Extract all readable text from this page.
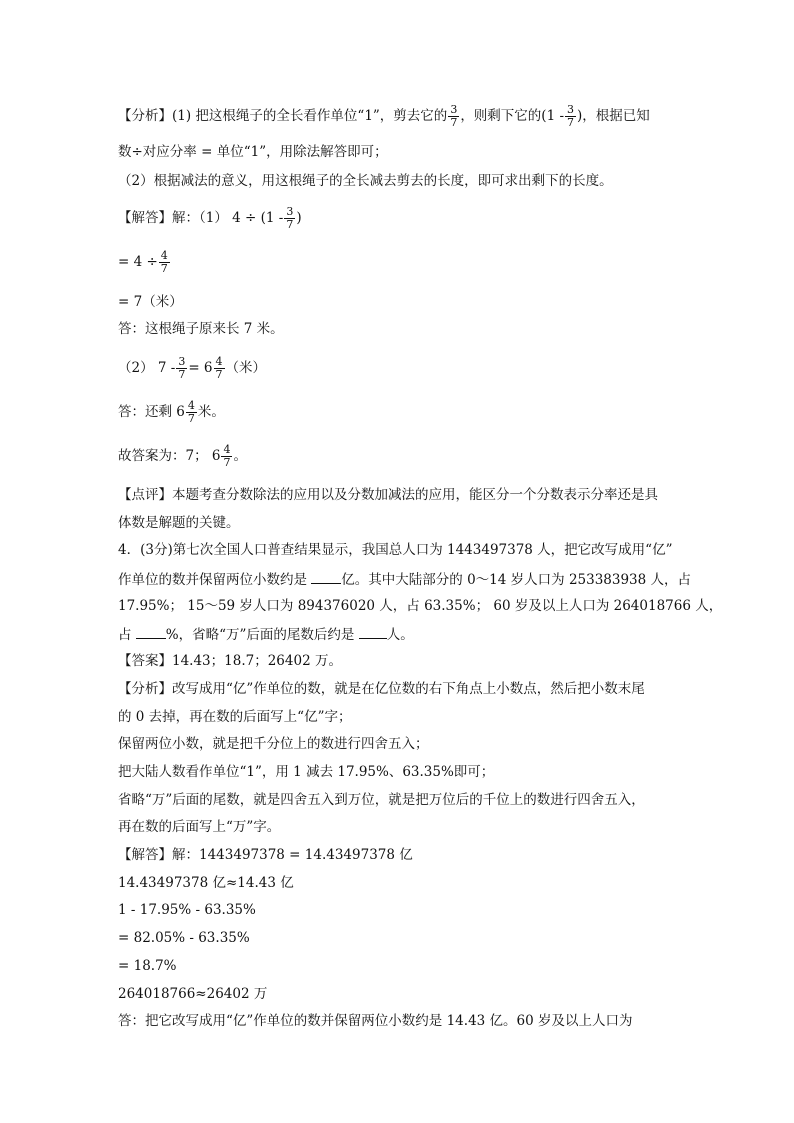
【分析】(1) 把这根绳子的全长看作单位“1”，剪去它的 $\frac{3}{7}$ ，则剩下它的($1 - \frac{3}{7}$ )，根据已知
数÷对应分率 = 单位“1”，用除法解答即可；
（2）根据减法的意义，用这根绳子的全长减去剪去的长度，即可求出剩下的长度。
【解答】解：（1） $4 \div (1 - \frac{3}{7}$ )
= $4 \div \frac{4}{7}$
= 7（米）
答：这根绳子原来长 7 米。
（2） $7 - \frac{3}{7} = 6 \frac{4}{7}$ （米）
答：还剩 $6 \frac{4}{7}$ 米。
故答案为：7； $6 \frac{4}{7}$ 。
【点评】本题考查分数除法的应用以及分数加减法的应用，能区分一个分数表示分率还是具
体数是解题的关键。
4．(3分)第七次全国人口普查结果显示，我国总人口为 1443497378 人，把它改写成用“亿”
作单位的数并保留两位小数约是	亿。其中大陆部分的 0～14 岁人口为 253383938 人，占
17.95%； 15～59 岁人口为 894376020 人，占 63.35%； 60 岁及以上人口为 264018766 人，
占	%，省略“万”后面的尾数后约是 人。
【答案】14.43；18.7；26402 万。
【分析】改写成用“亿”作单位的数，就是在亿位数的右下角点上小数点，然后把小数末尾
的 0 去掉，再在数的后面写上“亿”字；
保留两位小数，就是把千分位上的数进行四舍五入；
把大陆人数看作单位“1”，用 1 减去 17.95%、63.35%即可；
省略“万”后面的尾数，就是四舍五入到万位，就是把万位后的千位上的数进行四舍五入，
再在数的后面写上“万”字。
【解答】解：1443497378 = 14.43497378 亿
14.43497378 亿≈14.43 亿
1 - 17.95% - 63.35%
= 82.05% - 63.35%
= 18.7%
264018766≈26402 万
答：把它改写成用“亿”作单位的数并保留两位小数约是 14.43 亿。60 岁及以上人口为
